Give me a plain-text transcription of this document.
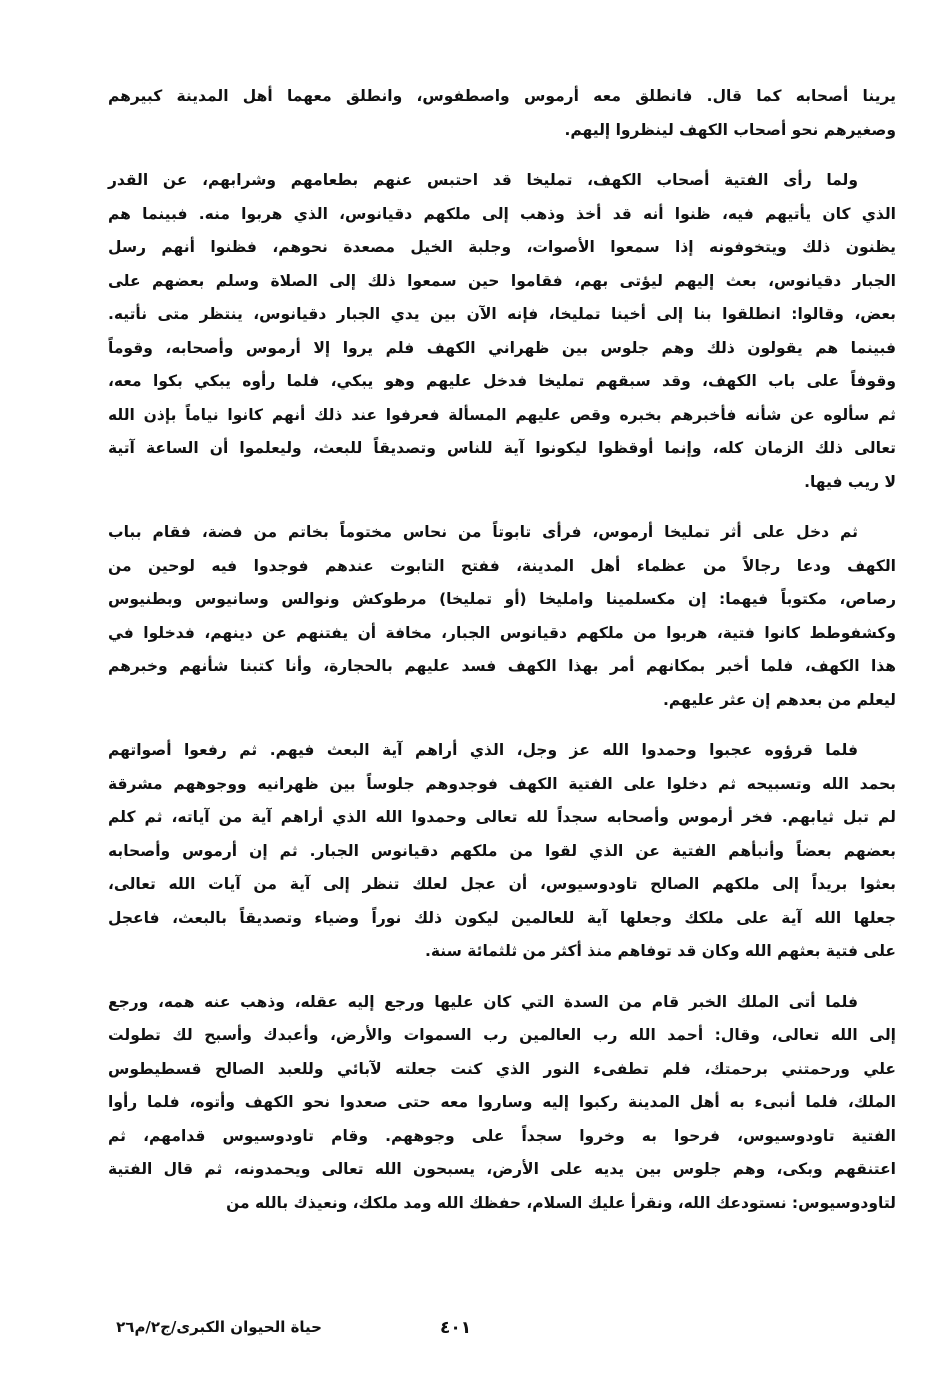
يرينا أصحابه كما قال. فانطلق معه أرموس واصطفوس، وانطلق معهما أهل المدينة كبيرهم
وصغيرهم نحو أصحاب الكهف لينظروا إليهم.
ولما رأى الفتية أصحاب الكهف، تمليخا قد احتبس عنهم بطعامهم وشرابهم، عن القدر
الذي كان يأتيهم فيه، ظنوا أنه قد أخذ وذهب إلى ملكهم دقيانوس، الذي هربوا منه. فبينما هم
يظنون ذلك ويتخوفونه إذا سمعوا الأصوات، وجلبة الخيل مصعدة نحوهم، فظنوا أنهم رسل
الجبار دقيانوس، بعث إليهم ليؤتى بهم، فقاموا حين سمعوا ذلك إلى الصلاة وسلم بعضهم على
بعض، وقالوا: انطلقوا بنا إلى أخينا تمليخا، فإنه الآن بين يدي الجبار دقيانوس، ينتظر متى نأتيه.
فبينما هم يقولون ذلك وهم جلوس بين ظهراني الكهف فلم يروا إلا أرموس وأصحابه، وقوماً
وقوفاً على باب الكهف، وقد سبقهم تمليخا فدخل عليهم وهو يبكي، فلما رأوه يبكي بكوا معه،
ثم سألوه عن شأنه فأخبرهم بخبره وقص عليهم المسألة فعرفوا عند ذلك أنهم كانوا نياماً بإذن الله
تعالى ذلك الزمان كله، وإنما أوقظوا ليكونوا آية للناس وتصديقاً للبعث، وليعلموا أن الساعة آتية
لا ريب فيها.
ثم دخل على أثر تمليخا أرموس، فرأى تابوتاً من نحاس مختوماً بخاتم من فضة، فقام بباب
الكهف ودعا رجالاً من عظماء أهل المدينة، ففتح التابوت عندهم فوجدوا فيه لوحين من
رصاص، مكتوباً فيهما: إن مكسلمينا وامليخا (أو تمليخا) مرطوكش ونوالس وسانيوس وبطنيوس
وكشفوطط كانوا فتية، هربوا من ملكهم دقيانوس الجبار، مخافة أن يفتنهم عن دينهم، فدخلوا في
هذا الكهف، فلما أخبر بمكانهم أمر بهذا الكهف فسد عليهم بالحجارة، وأنا كتبنا شأنهم وخبرهم
ليعلم من بعدهم إن عثر عليهم.
فلما قرؤوه عجبوا وحمدوا الله عز وجل، الذي أراهم آية البعث فيهم. ثم رفعوا أصواتهم
بحمد الله وتسبيحه ثم دخلوا على الفتية الكهف فوجدوهم جلوساً بين ظهرانيه ووجوههم مشرقة
لم تبل ثيابهم. فخر أرموس وأصحابه سجداً لله تعالى وحمدوا الله الذي أراهم آية من آياته، ثم كلم
بعضهم بعضاً وأنبأهم الفتية عن الذي لقوا من ملكهم دقيانوس الجبار. ثم إن أرموس وأصحابه
بعثوا بريداً إلى ملكهم الصالح تاودوسيوس، أن عجل لعلك تنظر إلى آية من آيات الله تعالى،
جعلها الله آية على ملكك وجعلها آية للعالمين ليكون ذلك نوراً وضياء وتصديقاً بالبعث، فاعجل
على فتية بعثهم الله وكان قد توفاهم منذ أكثر من ثلثمائة سنة.
فلما أتى الملك الخبر قام من السدة التي كان عليها ورجع إليه عقله، وذهب عنه همه، ورجع
إلى الله تعالى، وقال: أحمد الله رب العالمين رب السموات والأرض، وأعبدك وأسبح لك تطولت
علي ورحمتني برحمتك، فلم تطفىء النور الذي كنت جعلته لآبائي وللعبد الصالح قسطيطوس
الملك، فلما أنبىء به أهل المدينة ركبوا إليه وساروا معه حتى صعدوا نحو الكهف وأتوه، فلما رأوا
الفتية تاودوسيوس، فرحوا به وخروا سجداً على وجوههم. وقام تاودوسيوس قدامهم، ثم
اعتنقهم وبكى، وهم جلوس بين يديه على الأرض، يسبحون الله تعالى ويحمدونه، ثم قال الفتية
لتاودوسيوس: نستودعك الله، ونقرأ عليك السلام، حفظك الله ومد ملكك، ونعيذك بالله من
حياة الحيوان الكبرى/ج٢/م٢٦	٤٠١
